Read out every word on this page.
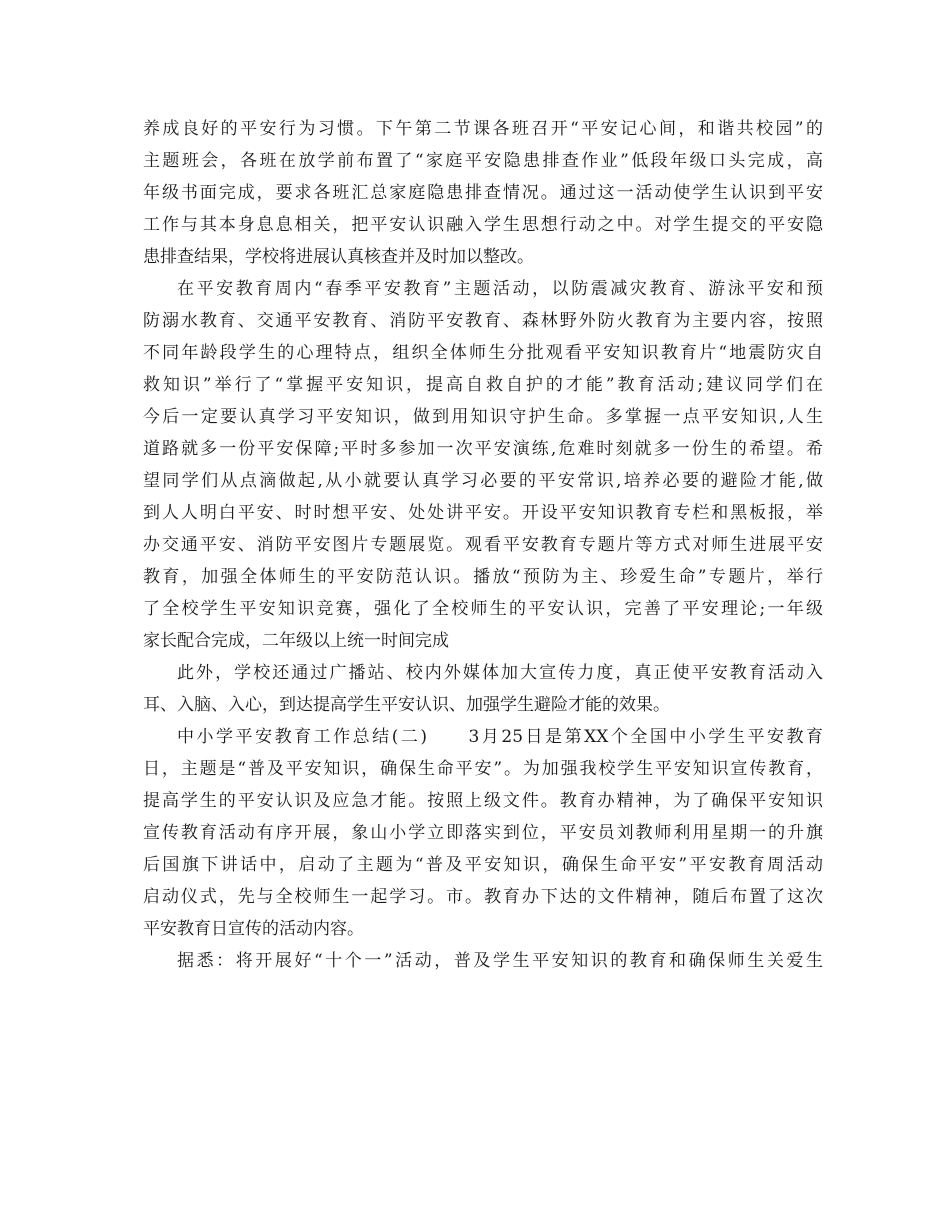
养成良好的平安行为习惯。下午第二节课各班召开“平安记心间，和谐共校园”的
主题班会，各班在放学前布置了“家庭平安隐患排查作业”低段年级口头完成，高
年级书面完成，要求各班汇总家庭隐患排查情况。通过这一活动使学生认识到平安
工作与其本身息息相关，把平安认识融入学生思想行动之中。对学生提交的平安隐
患排查结果，学校将进展认真核查并及时加以整改。
在平安教育周内“春季平安教育”主题活动，以防震减灾教育、游泳平安和预
防溺水教育、交通平安教育、消防平安教育、森林野外防火教育为主要内容，按照
不同年龄段学生的心理特点，组织全体师生分批观看平安知识教育片“地震防灾自
救知识”举行了“掌握平安知识，提高自救自护的才能”教育活动;建议同学们在
今后一定要认真学习平安知识，做到用知识守护生命。多掌握一点平安知识,人生
道路就多一份平安保障;平时多参加一次平安演练,危难时刻就多一份生的希望。希
望同学们从点滴做起,从小就要认真学习必要的平安常识,培养必要的避险才能,做
到人人明白平安、时时想平安、处处讲平安。开设平安知识教育专栏和黑板报，举
办交通平安、消防平安图片专题展览。观看平安教育专题片等方式对师生进展平安
教育，加强全体师生的平安防范认识。播放“预防为主、珍爱生命”专题片，举行
了全校学生平安知识竞赛，强化了全校师生的平安认识，完善了平安理论;一年级
家长配合完成，二年级以上统一时间完成
此外，学校还通过广播站、校内外媒体加大宣传力度，真正使平安教育活动入
耳、入脑、入心，到达提高学生平安认识、加强学生避险才能的效果。
中小学平安教育工作总结(二)　　3月25日是第XX个全国中小学生平安教育
日，主题是“普及平安知识，确保生命平安”。为加强我校学生平安知识宣传教育，
提高学生的平安认识及应急才能。按照上级文件。教育办精神，为了确保平安知识
宣传教育活动有序开展，象山小学立即落实到位，平安员刘教师利用星期一的升旗
后国旗下讲话中，启动了主题为“普及平安知识，确保生命平安”平安教育周活动
启动仪式，先与全校师生一起学习。市。教育办下达的文件精神，随后布置了这次
平安教育日宣传的活动内容。
据悉：将开展好“十个一”活动，普及学生平安知识的教育和确保师生关爱生
